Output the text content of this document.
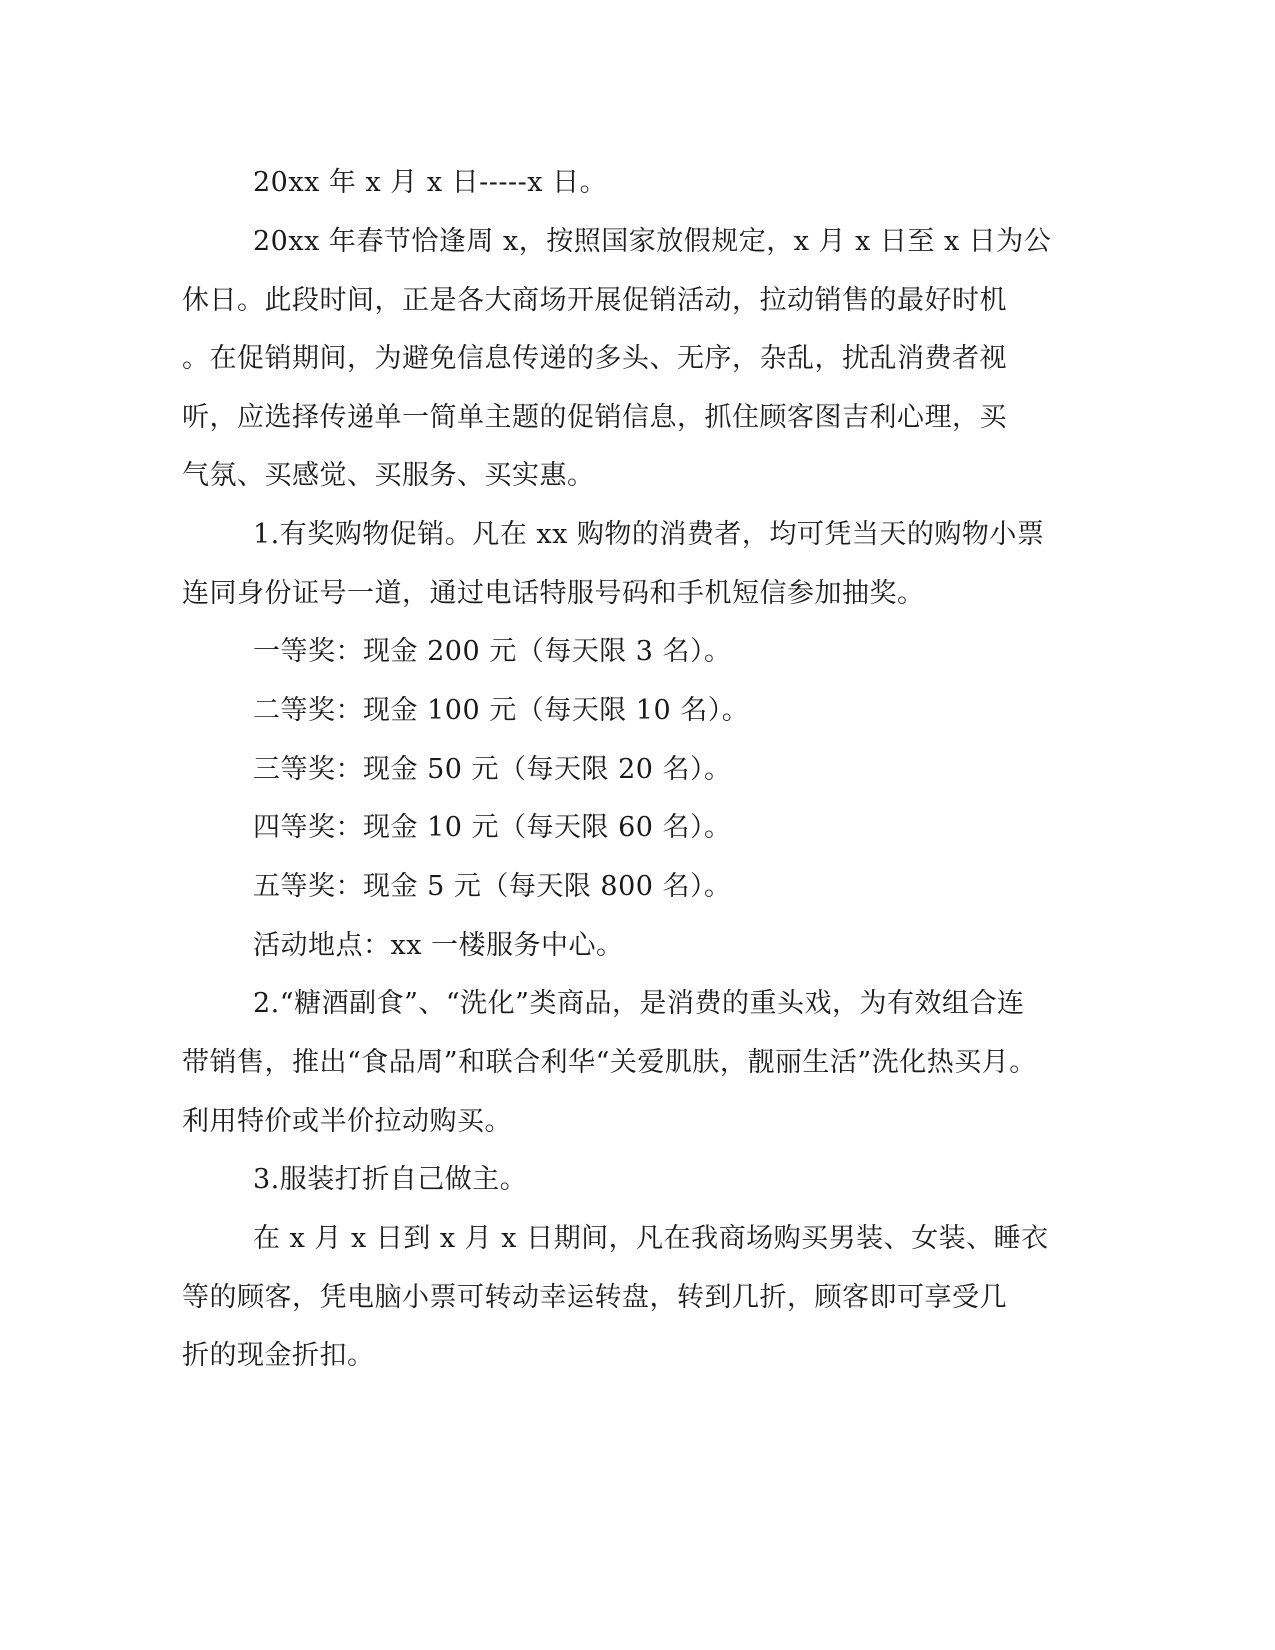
20xx 年 x 月 x 日-----x 日。
20xx 年春节恰逢周 x，按照国家放假规定，x 月 x 日至 x 日为公
休日。此段时间，正是各大商场开展促销活动，拉动销售的最好时机
。在促销期间，为避免信息传递的多头、无序，杂乱，扰乱消费者视
听，应选择传递单一简单主题的促销信息，抓住顾客图吉利心理，买
气氛、买感觉、买服务、买实惠。
1.有奖购物促销。凡在 xx 购物的消费者，均可凭当天的购物小票
连同身份证号一道，通过电话特服号码和手机短信参加抽奖。
一等奖：现金 200 元（每天限 3 名）。
二等奖：现金 100 元（每天限 10 名）。
三等奖：现金 50 元（每天限 20 名）。
四等奖：现金 10 元（每天限 60 名）。
五等奖：现金 5 元（每天限 800 名）。
活动地点：xx 一楼服务中心。
2.“糖酒副食”、“洗化”类商品，是消费的重头戏，为有效组合连
带销售，推出“食品周”和联合利华“关爱肌肤，靓丽生活”洗化热买月。
利用特价或半价拉动购买。
3.服装打折自己做主。
在 x 月 x 日到 x 月 x 日期间，凡在我商场购买男装、女装、睡衣
等的顾客，凭电脑小票可转动幸运转盘，转到几折，顾客即可享受几
折的现金折扣。
